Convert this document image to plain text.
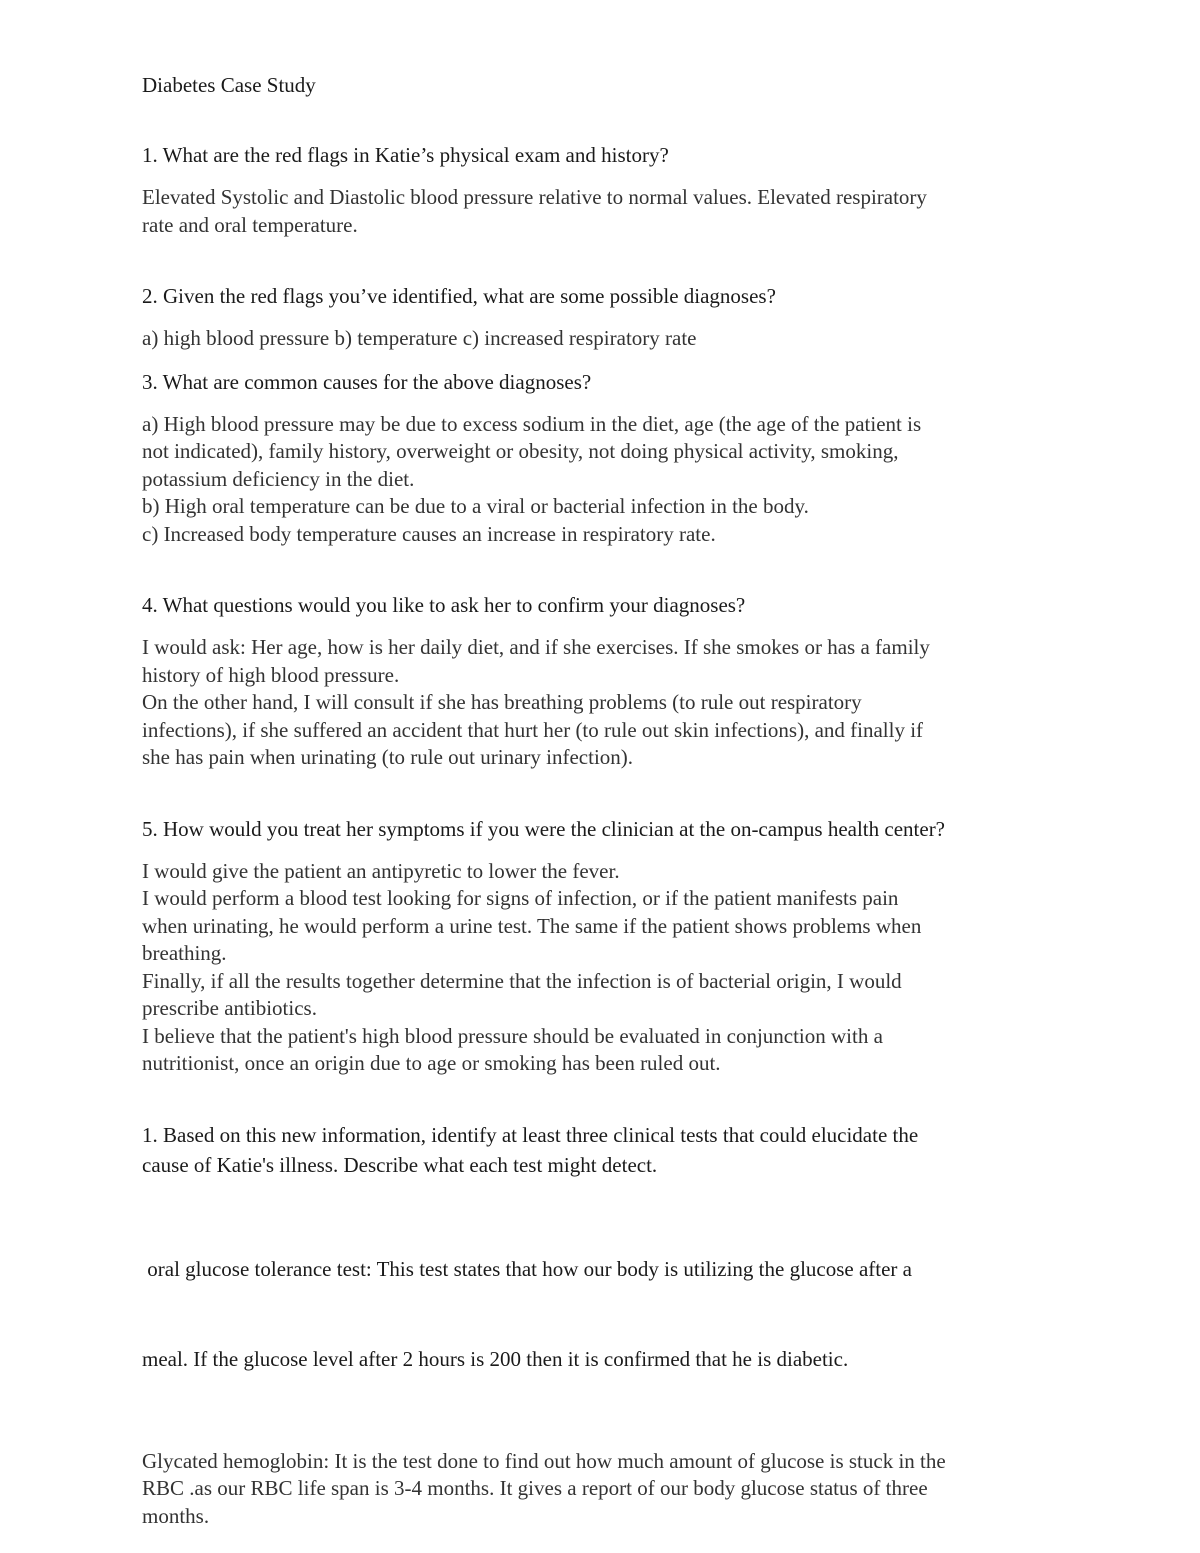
Diabetes Case Study

1. What are the red flags in Katie’s physical exam and history?

Elevated Systolic and Diastolic blood pressure relative to normal values. Elevated respiratory
rate and oral temperature.

2. Given the red flags you’ve identified, what are some possible diagnoses?

a) high blood pressure b) temperature c) increased respiratory rate

3. What are common causes for the above diagnoses?

a) High blood pressure may be due to excess sodium in the diet, age (the age of the patient is
not indicated), family history, overweight or obesity, not doing physical activity, smoking,
potassium deficiency in the diet.
b) High oral temperature can be due to a viral or bacterial infection in the body.
c) Increased body temperature causes an increase in respiratory rate.

4. What questions would you like to ask her to confirm your diagnoses?

I would ask: Her age, how is her daily diet, and if she exercises. If she smokes or has a family
history of high blood pressure.
On the other hand, I will consult if she has breathing problems (to rule out respiratory
infections), if she suffered an accident that hurt her (to rule out skin infections), and finally if
she has pain when urinating (to rule out urinary infection).

5. How would you treat her symptoms if you were the clinician at the on-campus health center?

I would give the patient an antipyretic to lower the fever.
I would perform a blood test looking for signs of infection, or if the patient manifests pain
when urinating, he would perform a urine test. The same if the patient shows problems when
breathing.
Finally, if all the results together determine that the infection is of bacterial origin, I would
prescribe antibiotics.
I believe that the patient's high blood pressure should be evaluated in conjunction with a
nutritionist, once an origin due to age or smoking has been ruled out.

1. Based on this new information, identify at least three clinical tests that could elucidate the
cause of Katie's illness. Describe what each test might detect.

oral glucose tolerance test: This test states that how our body is utilizing the glucose after a

meal. If the glucose level after 2 hours is 200 then it is confirmed that he is diabetic.

Glycated hemoglobin: It is the test done to find out how much amount of glucose is stuck in the
RBC .as our RBC life span is 3-4 months. It gives a report of our body glucose status of three
months.
